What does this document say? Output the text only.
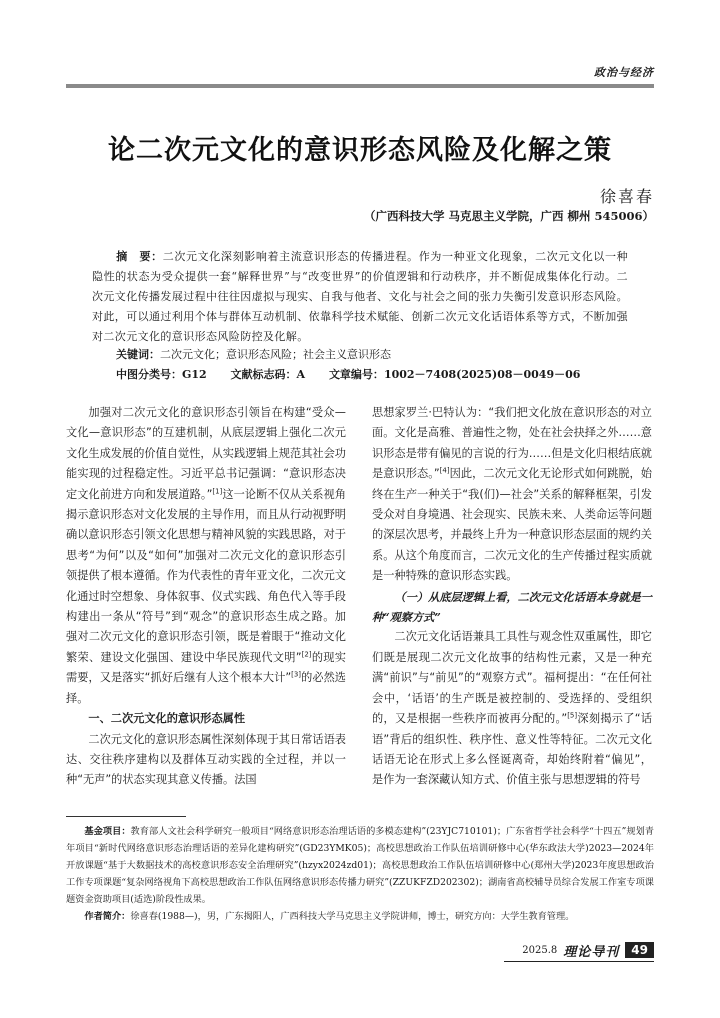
政治与经济
论二次元文化的意识形态风险及化解之策
徐喜春
（广西科技大学 马克思主义学院，广西 柳州 545006）
摘　要：二次元文化深刻影响着主流意识形态的传播进程。作为一种亚文化现象，二次元文化以一种隐性的状态为受众提供一套“解释世界”与“改变世界”的价值逻辑和行动秩序，并不断促成集体化行动。二次元文化传播发展过程中往往因虚拟与现实、自我与他者、文化与社会之间的张力失衡引发意识形态风险。对此，可以通过利用个体与群体互动机制、依靠科学技术赋能、创新二次元文化话语体系等方式，不断加强对二次元文化的意识形态风险防控及化解。
关键词：二次元文化；意识形态风险；社会主义意识形态
中图分类号：G12 文献标志码：A 文章编号：1002－7408(2025)08－0049－06

加强对二次元文化的意识形态引领旨在构建“受众—文化—意识形态”的互建机制，从底层逻辑上强化二次元文化生成发展的价值自觉性，从实践逻辑上规范其社会功能实现的过程稳定性。习近平总书记强调：“意识形态决定文化前进方向和发展道路。”[1]这一论断不仅从关系视角揭示意识形态对文化发展的主导作用，而且从行动视野明确以意识形态引领文化思想与精神风貌的实践思路，对于思考“为何”以及“如何”加强对二次元文化的意识形态引领提供了根本遵循。作为代表性的青年亚文化，二次元文化通过时空想象、身体叙事、仪式实践、角色代入等手段构建出一条从“符号”到“观念”的意识形态生成之路。加强对二次元文化的意识形态引领，既是着眼于“推动文化繁荣、建设文化强国、建设中华民族现代文明”[2]的现实需要，又是落实“抓好后继有人这个根本大计”[3]的必然选择。

一、二次元文化的意识形态属性

二次元文化的意识形态属性深刻体现于其日常话语表达、交往秩序建构以及群体互动实践的全过程，并以一种“无声”的状态实现其意义传播。法国

思想家罗兰·巴特认为：“我们把文化放在意识形态的对立面。文化是高雅、普遍性之物，处在社会抉择之外……意识形态是带有偏见的言说的行为……但是文化归根结底就是意识形态。”[4]因此，二次元文化无论形式如何跳脱，始终在生产一种关于“我(们)—社会”关系的解释框架，引发受众对自身境遇、社会现实、民族未来、人类命运等问题的深层次思考，并最终上升为一种意识形态层面的规约关系。从这个角度而言，二次元文化的生产传播过程实质就是一种特殊的意识形态实践。

（一）从底层逻辑上看，二次元文化话语本身就是一种“观察方式”

二次元文化话语兼具工具性与观念性双重属性，即它们既是展现二次元文化故事的结构性元素，又是一种充满“前识”与“前见”的“观察方式”。福柯提出：“在任何社会中，‘话语’的生产既是被控制的、受选择的、受组织的，又是根据一些秩序而被再分配的。”[5]深刻揭示了“话语”背后的组织性、秩序性、意义性等特征。二次元文化话语无论在形式上多么怪诞离奇，却始终附着“偏见”，是作为一套深藏认知方式、价值主张与思想逻辑的符号

基金项目：教育部人文社会科学研究一般项目“网络意识形态治理话语的多模态建构”(23YJC710101)；广东省哲学社会科学“十四五”规划青年项目“新时代网络意识形态治理话语的差异化建构研究”(GD23YMK05)；高校思想政治工作队伍培训研修中心(华东政法大学)2023—2024年开放课题“基于大数据技术的高校意识形态安全治理研究”(hzyx2024zd01)；高校思想政治工作队伍培训研修中心(郑州大学)2023年度思想政治工作专项课题“复杂网络视角下高校思想政治工作队伍网络意识形态传播力研究”(ZZUKFZD202302)；湖南省高校辅导员综合发展工作室专项课题资金资助项目(适选)阶段性成果。

作者简介：徐喜春(1988—)，男，广东揭阳人，广西科技大学马克思主义学院讲师，博士，研究方向：大学生教育管理。

2025.8 理论导刊	49
